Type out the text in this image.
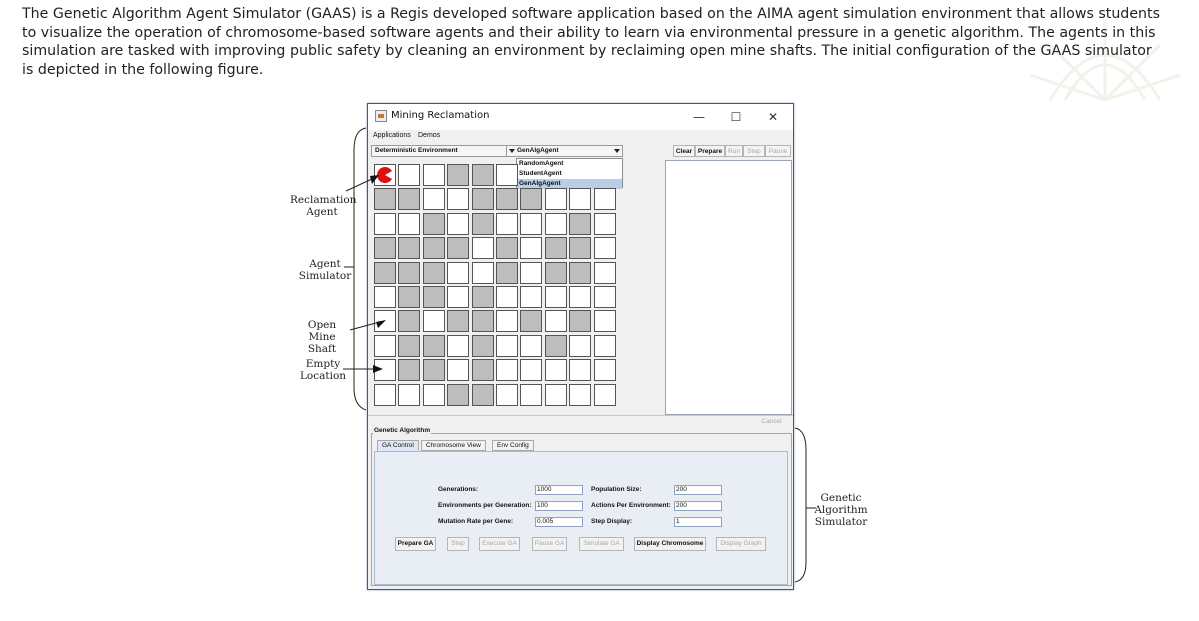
The Genetic Algorithm Agent Simulator (GAAS) is a Regis developed software application based on the AIMA agent simulation environment that allows students to visualize the operation of chromosome-based software agents and their ability to learn via environmental pressure in a genetic algorithm. The agents in this simulation are tasked with improving public safety by cleaning an environment by reclaiming open mine shafts. The initial configuration of the GAAS simulator is depicted in the following figure.
Reclamation Agent
Agent Simulator
Open Mine Shaft
Empty Location
Genetic Algorithm Simulator
Mining Reclamation	—	☐	✕
Applications Demos
Deterministic Environment	GenAlgAgent
RandomAgent
StudentAgent
GenAlgAgent
Clear Prepare Run	Step	Pause
Cancel
Genetic Algorithm
GA Control	Chromosome View	Env Config
Generations:	1000
Environments per Generation: 100
Mutation Rate per Gene:	0.005
Population Size:	200
Actions Per Environment: 200
Step Display:	1
Prepare GA	Step	Execute GA	Pause GA	Simulate GA	Display Chromosome	Display Graph
